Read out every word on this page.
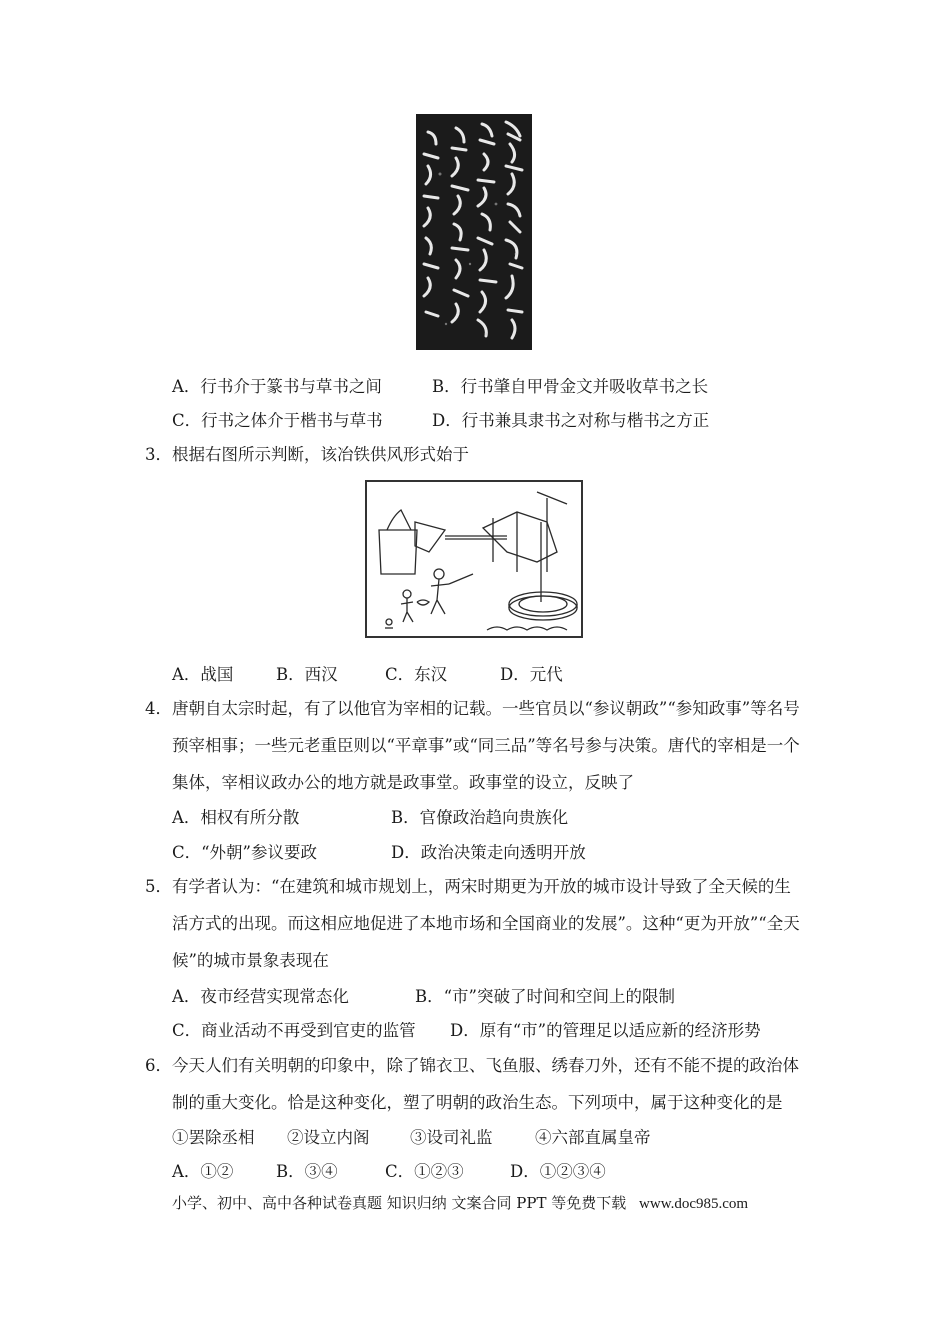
A．行书介于篆书与草书之间	B．行书肇自甲骨金文并吸收草书之长
C．行书之体介于楷书与草书	D．行书兼具隶书之对称与楷书之方正
3．根据右图所示判断，该冶铁供风形式始于
A．战国	B．西汉	C．东汉	D．元代
4．唐朝自太宗时起，有了以他官为宰相的记载。一些官员以“参议朝政”“参知政事”等名号
预宰相事；一些元老重臣则以“平章事”或“同三品”等名号参与决策。唐代的宰相是一个
集体，宰相议政办公的地方就是政事堂。政事堂的设立，反映了
A．相权有所分散	B．官僚政治趋向贵族化
C．“外朝”参议要政	D．政治决策走向透明开放
5．有学者认为：“在建筑和城市规划上，两宋时期更为开放的城市设计导致了全天候的生
活方式的出现。而这相应地促进了本地市场和全国商业的发展”。这种“更为开放”“全天
候”的城市景象表现在
A．夜市经营实现常态化	B．“市”突破了时间和空间上的限制
C．商业活动不再受到官吏的监管 D．原有“市”的管理足以适应新的经济形势
6．今天人们有关明朝的印象中，除了锦衣卫、飞鱼服、绣春刀外，还有不能不提的政治体
制的重大变化。恰是这种变化，塑了明朝的政治生态。下列项中，属于这种变化的是
①罢除丞相 ②设立内阁 ③设司礼监	④六部直属皇帝
A．①②	B．③④	C．①②③	D．①②③④
小学、初中、高中各种试卷真题 知识归纳 文案合同 PPT 等免费下载 www.doc985.com
